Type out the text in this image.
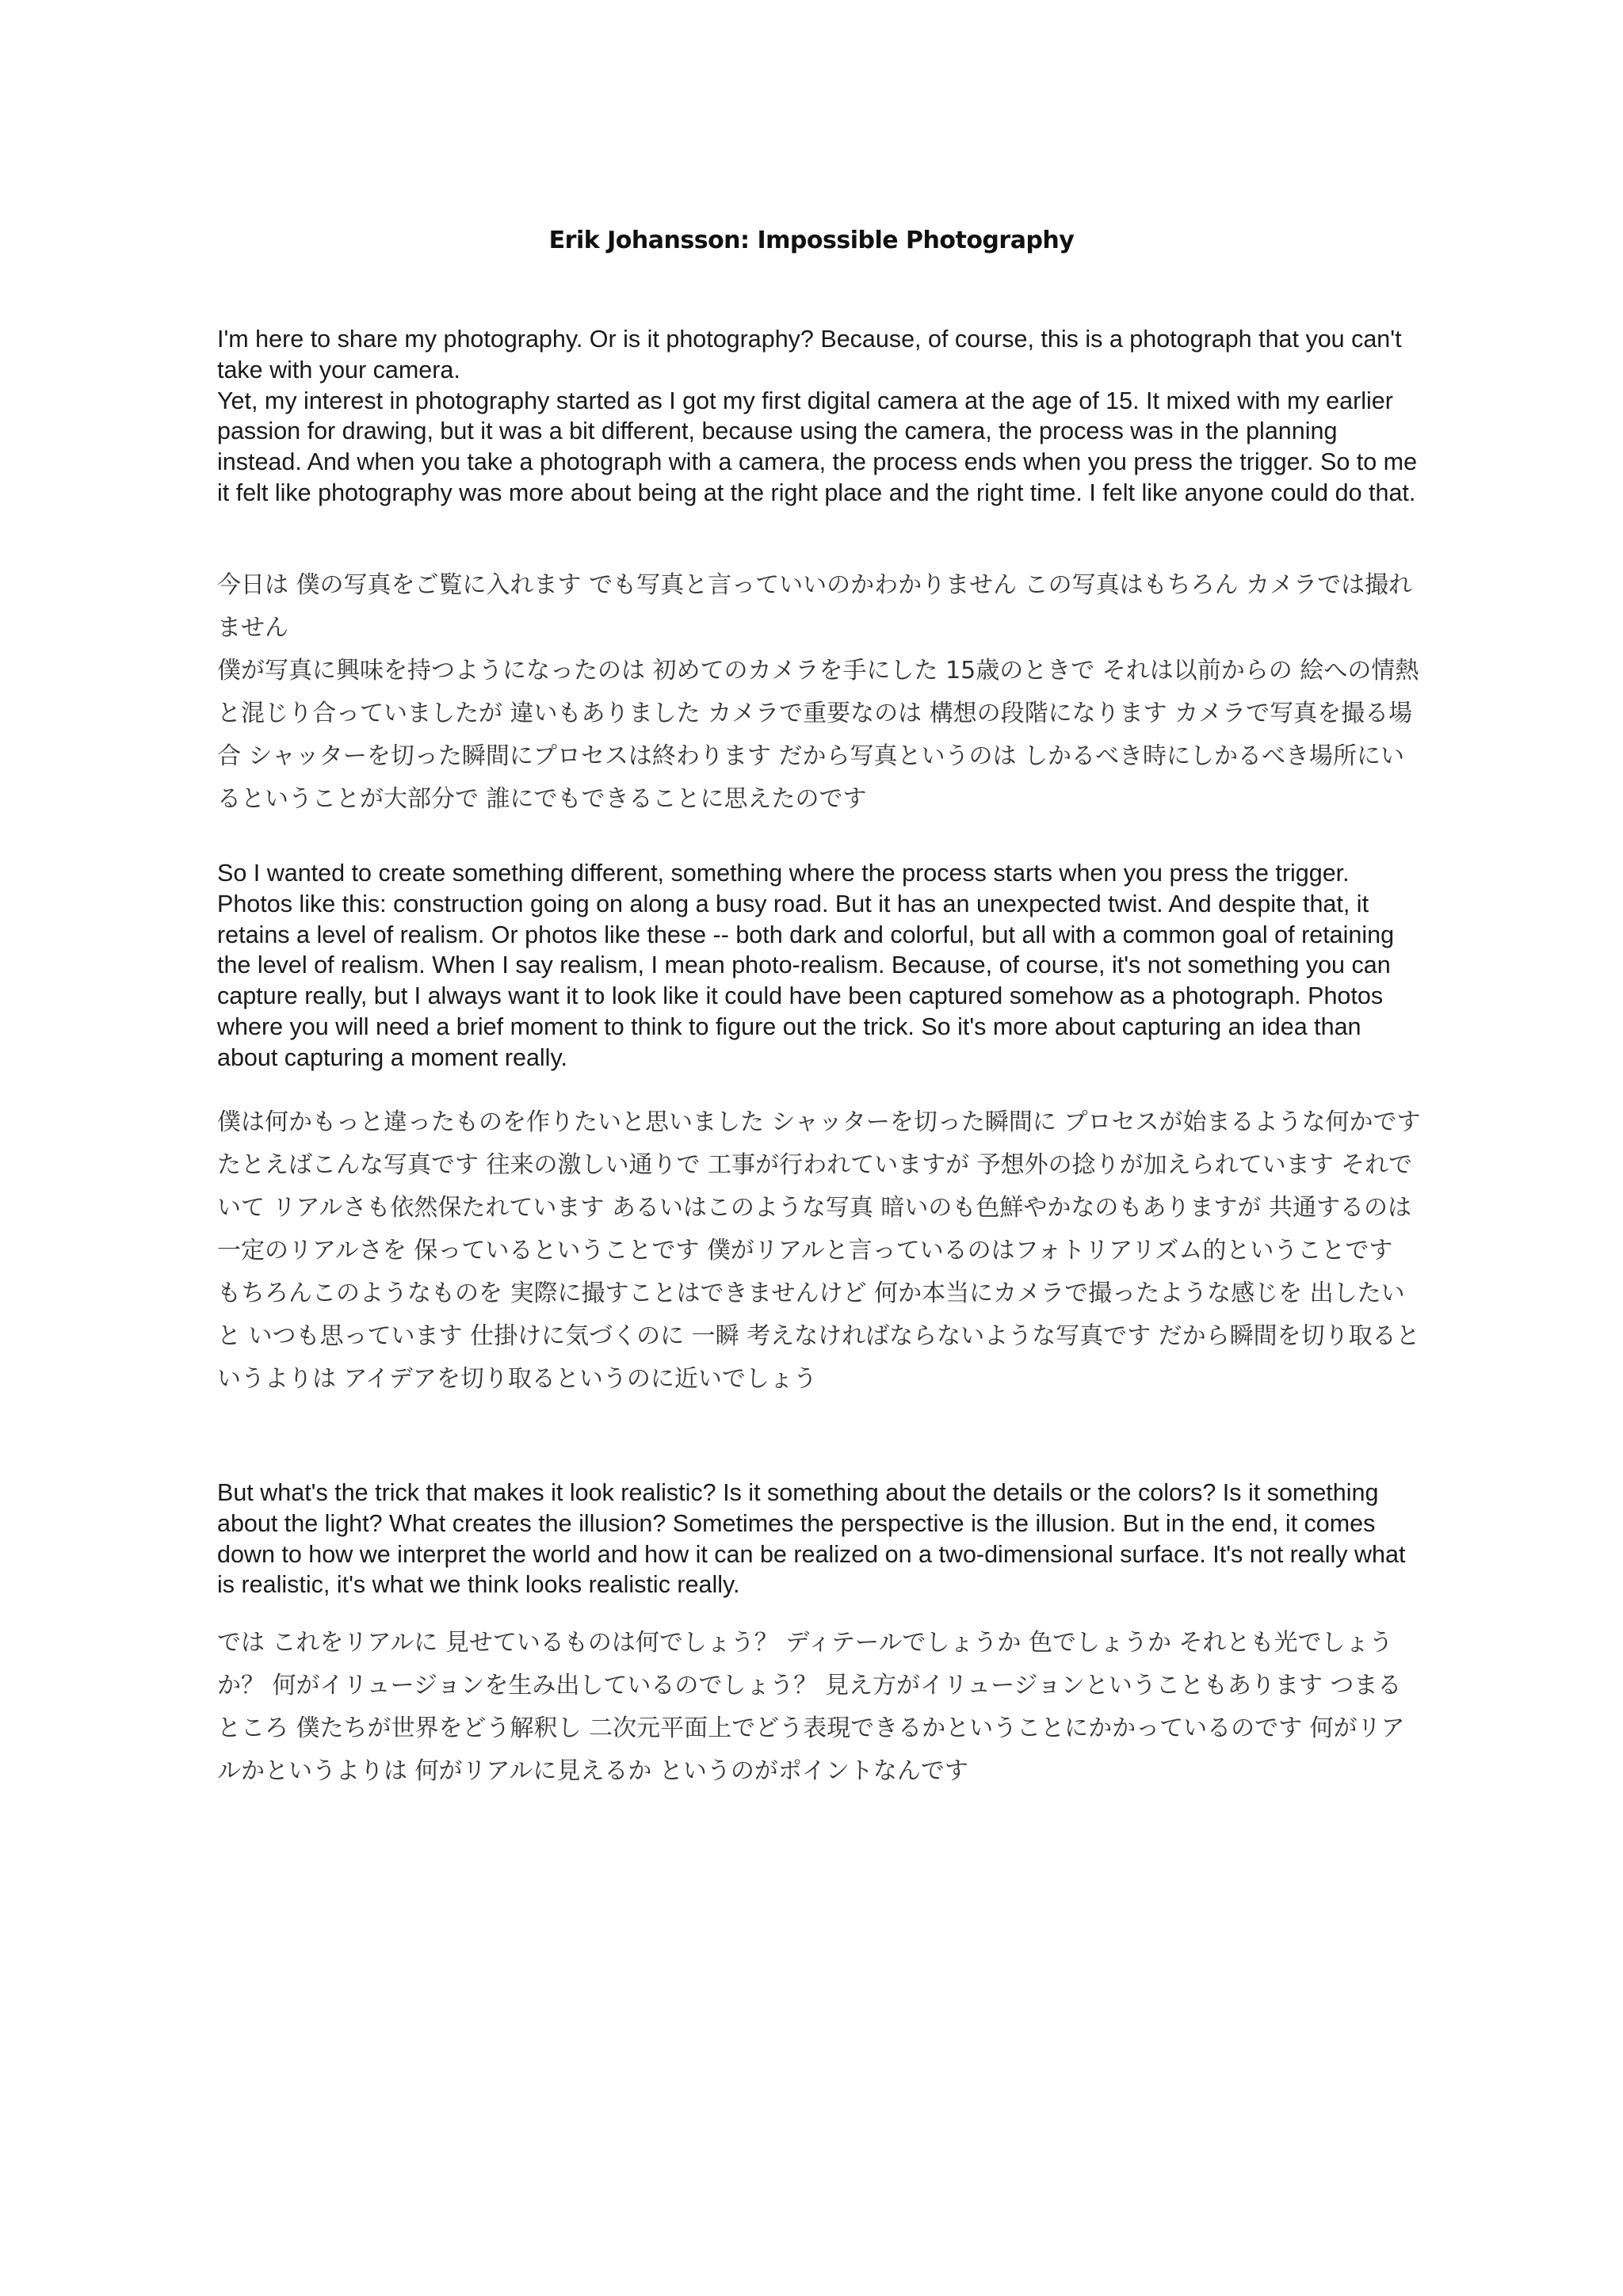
Erik Johansson: Impossible Photography
I'm here to share my photography. Or is it photography? Because, of course, this is a photograph that you can't take with your camera.
Yet, my interest in photography started as I got my first digital camera at the age of 15. It mixed with my earlier passion for drawing, but it was a bit different, because using the camera, the process was in the planning instead. And when you take a photograph with a camera, the process ends when you press the trigger. So to me it felt like photography was more about being at the right place and the right time. I felt like anyone could do that.
今日は 僕の写真をご覧に入れます でも写真と言っていいのかわかりません この写真はもちろん カメラでは撮れません
僕が写真に興味を持つようになったのは 初めてのカメラを手にした 15歳のときで それは以前からの 絵への情熱と混じり合っていましたが 違いもありました カメラで重要なのは 構想の段階になります カメラで写真を撮る場合 シャッターを切った瞬間にプロセスは終わります だから写真というのは しかるべき時にしかるべき場所にいるということが大部分で 誰にでもできることに思えたのです
So I wanted to create something different, something where the process starts when you press the trigger. Photos like this: construction going on along a busy road. But it has an unexpected twist. And despite that, it retains a level of realism. Or photos like these -- both dark and colorful, but all with a common goal of retaining the level of realism. When I say realism, I mean photo-realism. Because, of course, it's not something you can capture really, but I always want it to look like it could have been captured somehow as a photograph. Photos where you will need a brief moment to think to figure out the trick. So it's more about capturing an idea than about capturing a moment really.
僕は何かもっと違ったものを作りたいと思いました シャッターを切った瞬間に プロセスが始まるような何かです たとえばこんな写真です 往来の激しい通りで 工事が行われていますが 予想外の捻りが加えられています それでいて リアルさも依然保たれています あるいはこのような写真 暗いのも色鮮やかなのもありますが 共通するのは 一定のリアルさを 保っているということです 僕がリアルと言っているのはフォトリアリズム的ということです もちろんこのようなものを 実際に撮すことはできませんけど 何か本当にカメラで撮ったような感じを 出したいと いつも思っています 仕掛けに気づくのに 一瞬 考えなければならないような写真です だから瞬間を切り取るというよりは アイデアを切り取るというのに近いでしょう
But what's the trick that makes it look realistic? Is it something about the details or the colors? Is it something about the light? What creates the illusion? Sometimes the perspective is the illusion. But in the end, it comes down to how we interpret the world and how it can be realized on a two-dimensional surface. It's not really what is realistic, it's what we think looks realistic really.
では これをリアルに 見せているものは何でしょう？ ディテールでしょうか 色でしょうか それとも光でしょうか？ 何がイリュージョンを生み出しているのでしょう？ 見え方がイリュージョンということもあります つまるところ 僕たちが世界をどう解釈し 二次元平面上でどう表現できるかということにかかっているのです 何がリアルかというよりは 何がリアルに見えるか というのがポイントなんです
